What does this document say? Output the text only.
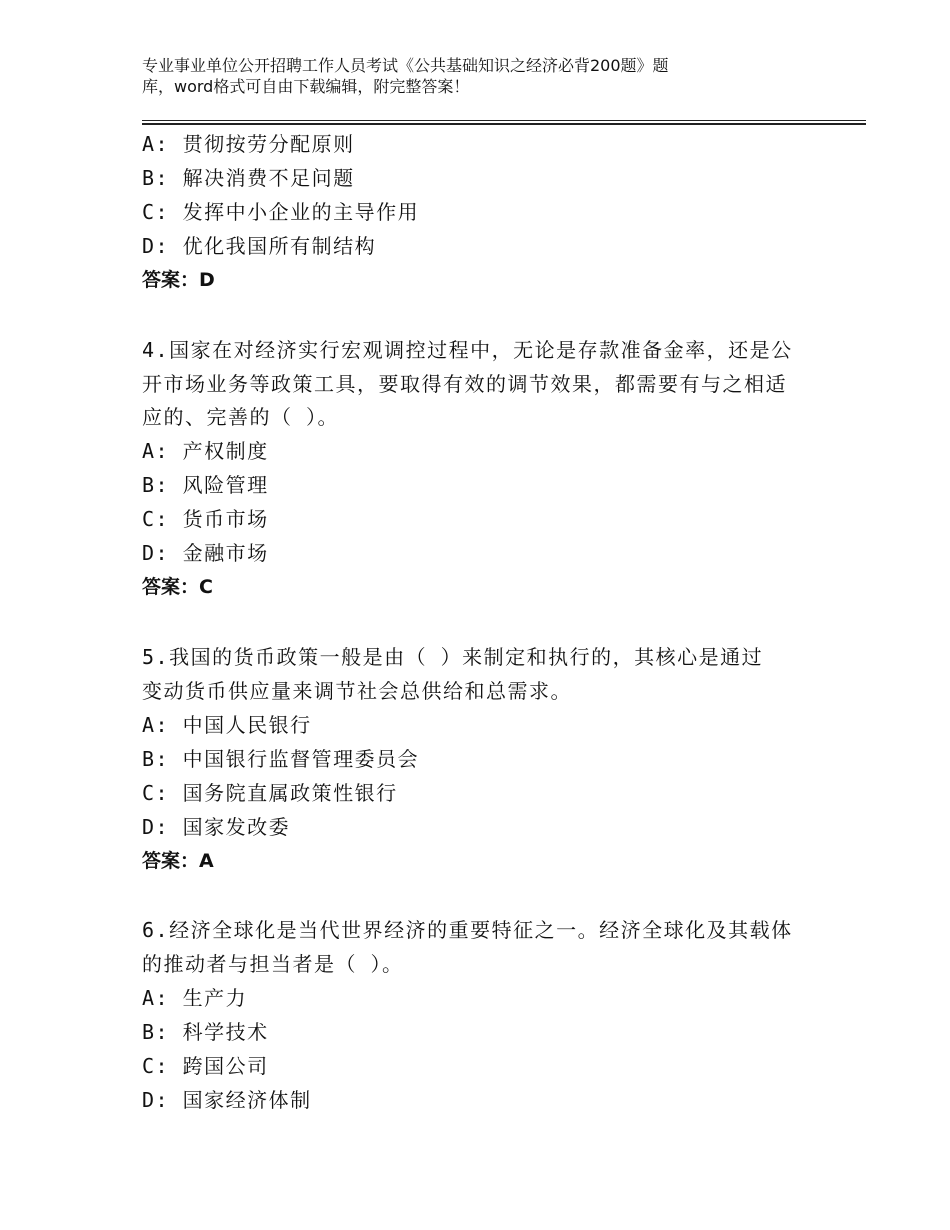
专业事业单位公开招聘工作人员考试《公共基础知识之经济必背200题》题
库，word格式可自由下载编辑，附完整答案！
A: 贯彻按劳分配原则
B: 解决消费不足问题
C: 发挥中小企业的主导作用
D: 优化我国所有制结构
答案：D
4.国家在对经济实行宏观调控过程中，无论是存款准备金率，还是公
开市场业务等政策工具，要取得有效的调节效果，都需要有与之相适
应的、完善的（ ）。
A: 产权制度
B: 风险管理
C: 货币市场
D: 金融市场
答案：C
5.我国的货币政策一般是由（ ）来制定和执行的，其核心是通过
变动货币供应量来调节社会总供给和总需求。
A: 中国人民银行
B: 中国银行监督管理委员会
C: 国务院直属政策性银行
D: 国家发改委
答案：A
6.经济全球化是当代世界经济的重要特征之一。经济全球化及其载体
的推动者与担当者是（ ）。
A: 生产力
B: 科学技术
C: 跨国公司
D: 国家经济体制
